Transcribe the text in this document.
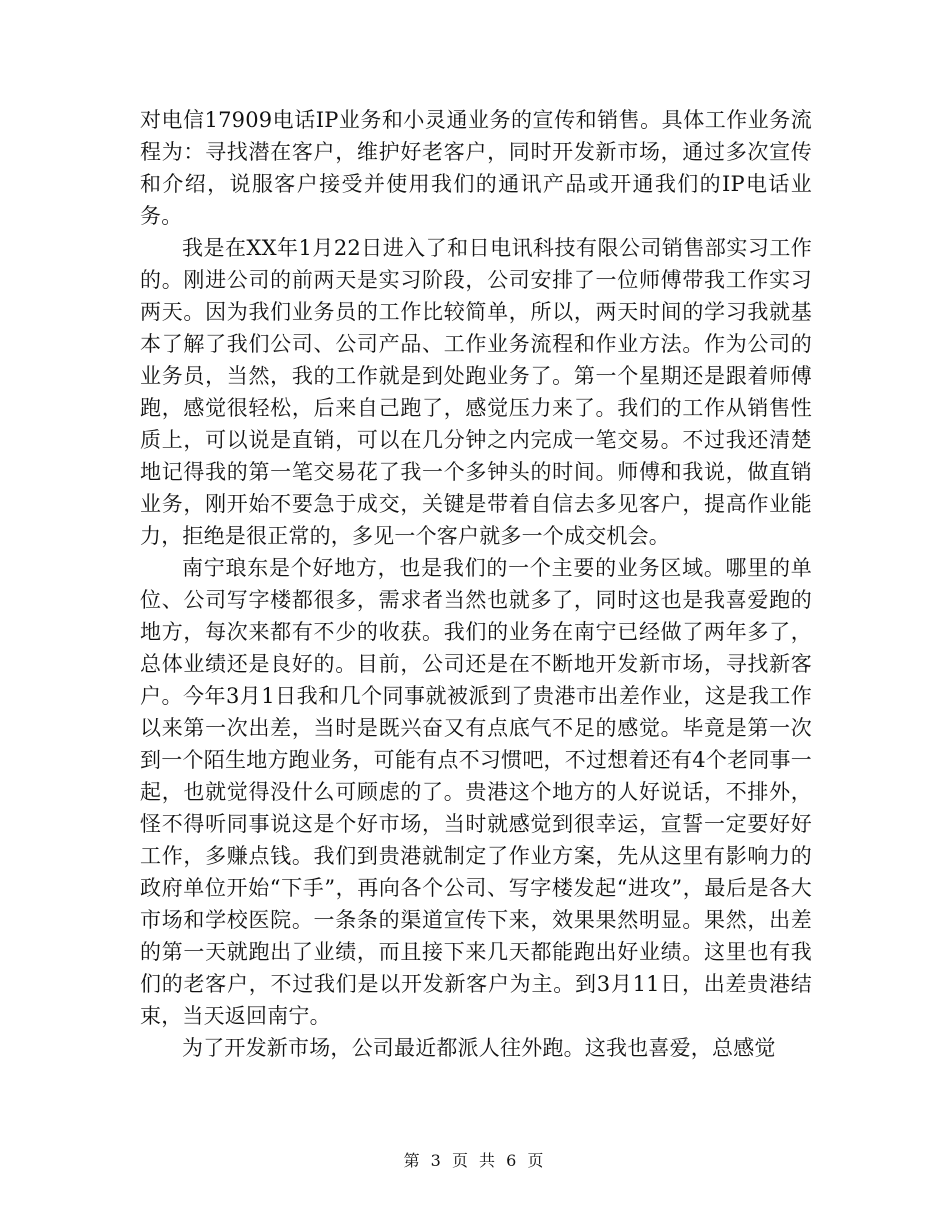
对电信17909电话IP业务和小灵通业务的宣传和销售。具体工作业务流程为：寻找潜在客户，维护好老客户，同时开发新市场，通过多次宣传和介绍，说服客户接受并使用我们的通讯产品或开通我们的IP电话业务。

我是在XX年1月22日进入了和日电讯科技有限公司销售部实习工作的。刚进公司的前两天是实习阶段，公司安排了一位师傅带我工作实习两天。因为我们业务员的工作比较简单，所以，两天时间的学习我就基本了解了我们公司、公司产品、工作业务流程和作业方法。作为公司的业务员，当然，我的工作就是到处跑业务了。第一个星期还是跟着师傅跑，感觉很轻松，后来自己跑了，感觉压力来了。我们的工作从销售性质上，可以说是直销，可以在几分钟之内完成一笔交易。不过我还清楚地记得我的第一笔交易花了我一个多钟头的时间。师傅和我说，做直销业务，刚开始不要急于成交，关键是带着自信去多见客户，提高作业能力，拒绝是很正常的，多见一个客户就多一个成交机会。

南宁琅东是个好地方，也是我们的一个主要的业务区域。哪里的单位、公司写字楼都很多，需求者当然也就多了，同时这也是我喜爱跑的地方，每次来都有不少的收获。我们的业务在南宁已经做了两年多了，总体业绩还是良好的。目前，公司还是在不断地开发新市场，寻找新客户。今年3月1日我和几个同事就被派到了贵港市出差作业，这是我工作以来第一次出差，当时是既兴奋又有点底气不足的感觉。毕竟是第一次到一个陌生地方跑业务，可能有点不习惯吧，不过想着还有4个老同事一起，也就觉得没什么可顾虑的了。贵港这个地方的人好说话，不排外，怪不得听同事说这是个好市场，当时就感觉到很幸运，宣誓一定要好好工作，多赚点钱。我们到贵港就制定了作业方案，先从这里有影响力的政府单位开始“下手”，再向各个公司、写字楼发起“进攻”，最后是各大市场和学校医院。一条条的渠道宣传下来，效果果然明显。果然，出差的第一天就跑出了业绩，而且接下来几天都能跑出好业绩。这里也有我们的老客户，不过我们是以开发新客户为主。到3月11日，出差贵港结束，当天返回南宁。

为了开发新市场，公司最近都派人往外跑。这我也喜爱，总感觉

第 3 页 共 6 页
